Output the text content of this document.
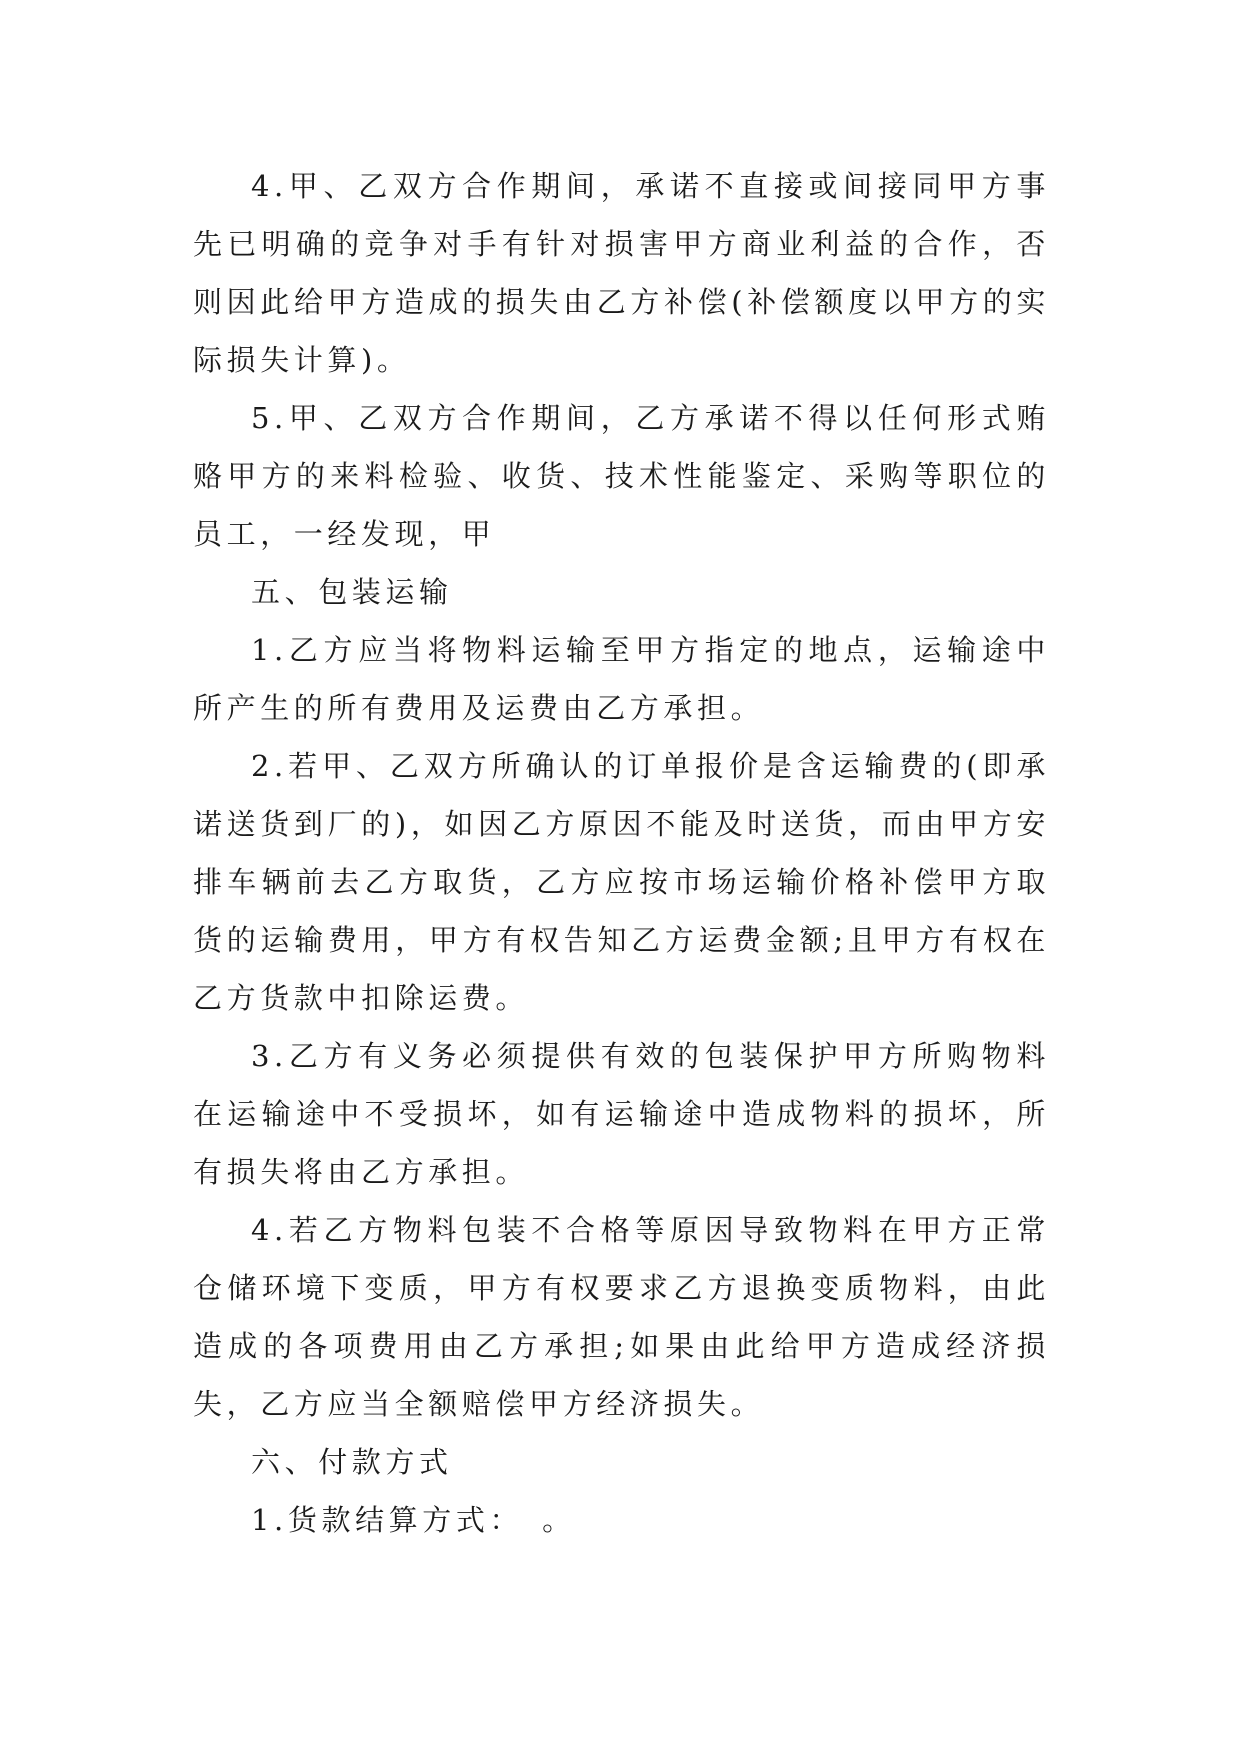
4.甲、乙双方合作期间，承诺不直接或间接同甲方事先已明确的竞争对手有针对损害甲方商业利益的合作，否则因此给甲方造成的损失由乙方补偿(补偿额度以甲方的实际损失计算)。

5.甲、乙双方合作期间，乙方承诺不得以任何形式贿赂甲方的来料检验、收货、技术性能鉴定、采购等职位的员工，一经发现，甲

五、包装运输

1.乙方应当将物料运输至甲方指定的地点，运输途中所产生的所有费用及运费由乙方承担。

2.若甲、乙双方所确认的订单报价是含运输费的(即承诺送货到厂的)，如因乙方原因不能及时送货，而由甲方安排车辆前去乙方取货，乙方应按市场运输价格补偿甲方取货的运输费用，甲方有权告知乙方运费金额;且甲方有权在乙方货款中扣除运费。

3.乙方有义务必须提供有效的包装保护甲方所购物料在运输途中不受损坏，如有运输途中造成物料的损坏，所有损失将由乙方承担。

4.若乙方物料包装不合格等原因导致物料在甲方正常仓储环境下变质，甲方有权要求乙方退换变质物料，由此造成的各项费用由乙方承担;如果由此给甲方造成经济损失，乙方应当全额赔偿甲方经济损失。

六、付款方式

1.货款结算方式：　。
